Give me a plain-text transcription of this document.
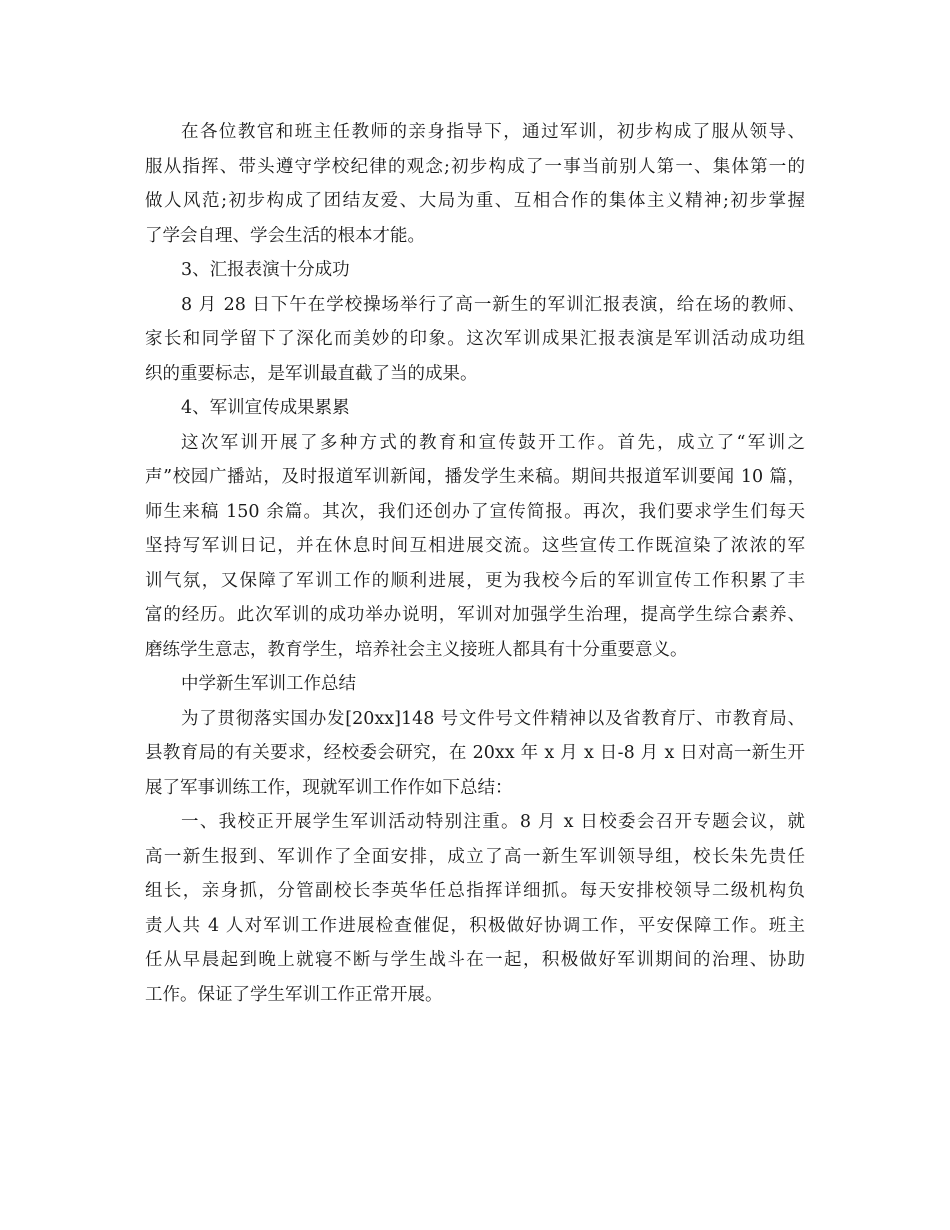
在各位教官和班主任教师的亲身指导下，通过军训，初步构成了服从领导、
服从指挥、带头遵守学校纪律的观念;初步构成了一事当前别人第一、集体第一的
做人风范;初步构成了团结友爱、大局为重、互相合作的集体主义精神;初步掌握
了学会自理、学会生活的根本才能。
3、汇报表演十分成功
8 月 28 日下午在学校操场举行了高一新生的军训汇报表演，给在场的教师、
家长和同学留下了深化而美妙的印象。这次军训成果汇报表演是军训活动成功组
织的重要标志，是军训最直截了当的成果。
4、军训宣传成果累累
这次军训开展了多种方式的教育和宣传鼓开工作。首先，成立了“军训之
声”校园广播站，及时报道军训新闻，播发学生来稿。期间共报道军训要闻 10 篇，
师生来稿 150 余篇。其次，我们还创办了宣传简报。再次，我们要求学生们每天
坚持写军训日记，并在休息时间互相进展交流。这些宣传工作既渲染了浓浓的军
训气氛，又保障了军训工作的顺利进展，更为我校今后的军训宣传工作积累了丰
富的经历。此次军训的成功举办说明，军训对加强学生治理，提高学生综合素养、
磨练学生意志，教育学生，培养社会主义接班人都具有十分重要意义。
中学新生军训工作总结
为了贯彻落实国办发[20xx]148 号文件号文件精神以及省教育厅、市教育局、
县教育局的有关要求，经校委会研究，在 20xx 年 x 月 x 日-8 月 x 日对高一新生开
展了军事训练工作，现就军训工作作如下总结：
一、我校正开展学生军训活动特别注重。8 月 x 日校委会召开专题会议，就
高一新生报到、军训作了全面安排，成立了高一新生军训领导组，校长朱先贵任
组长，亲身抓，分管副校长李英华任总指挥详细抓。每天安排校领导二级机构负
责人共 4 人对军训工作进展检查催促，积极做好协调工作，平安保障工作。班主
任从早晨起到晚上就寝不断与学生战斗在一起，积极做好军训期间的治理、协助
工作。保证了学生军训工作正常开展。
